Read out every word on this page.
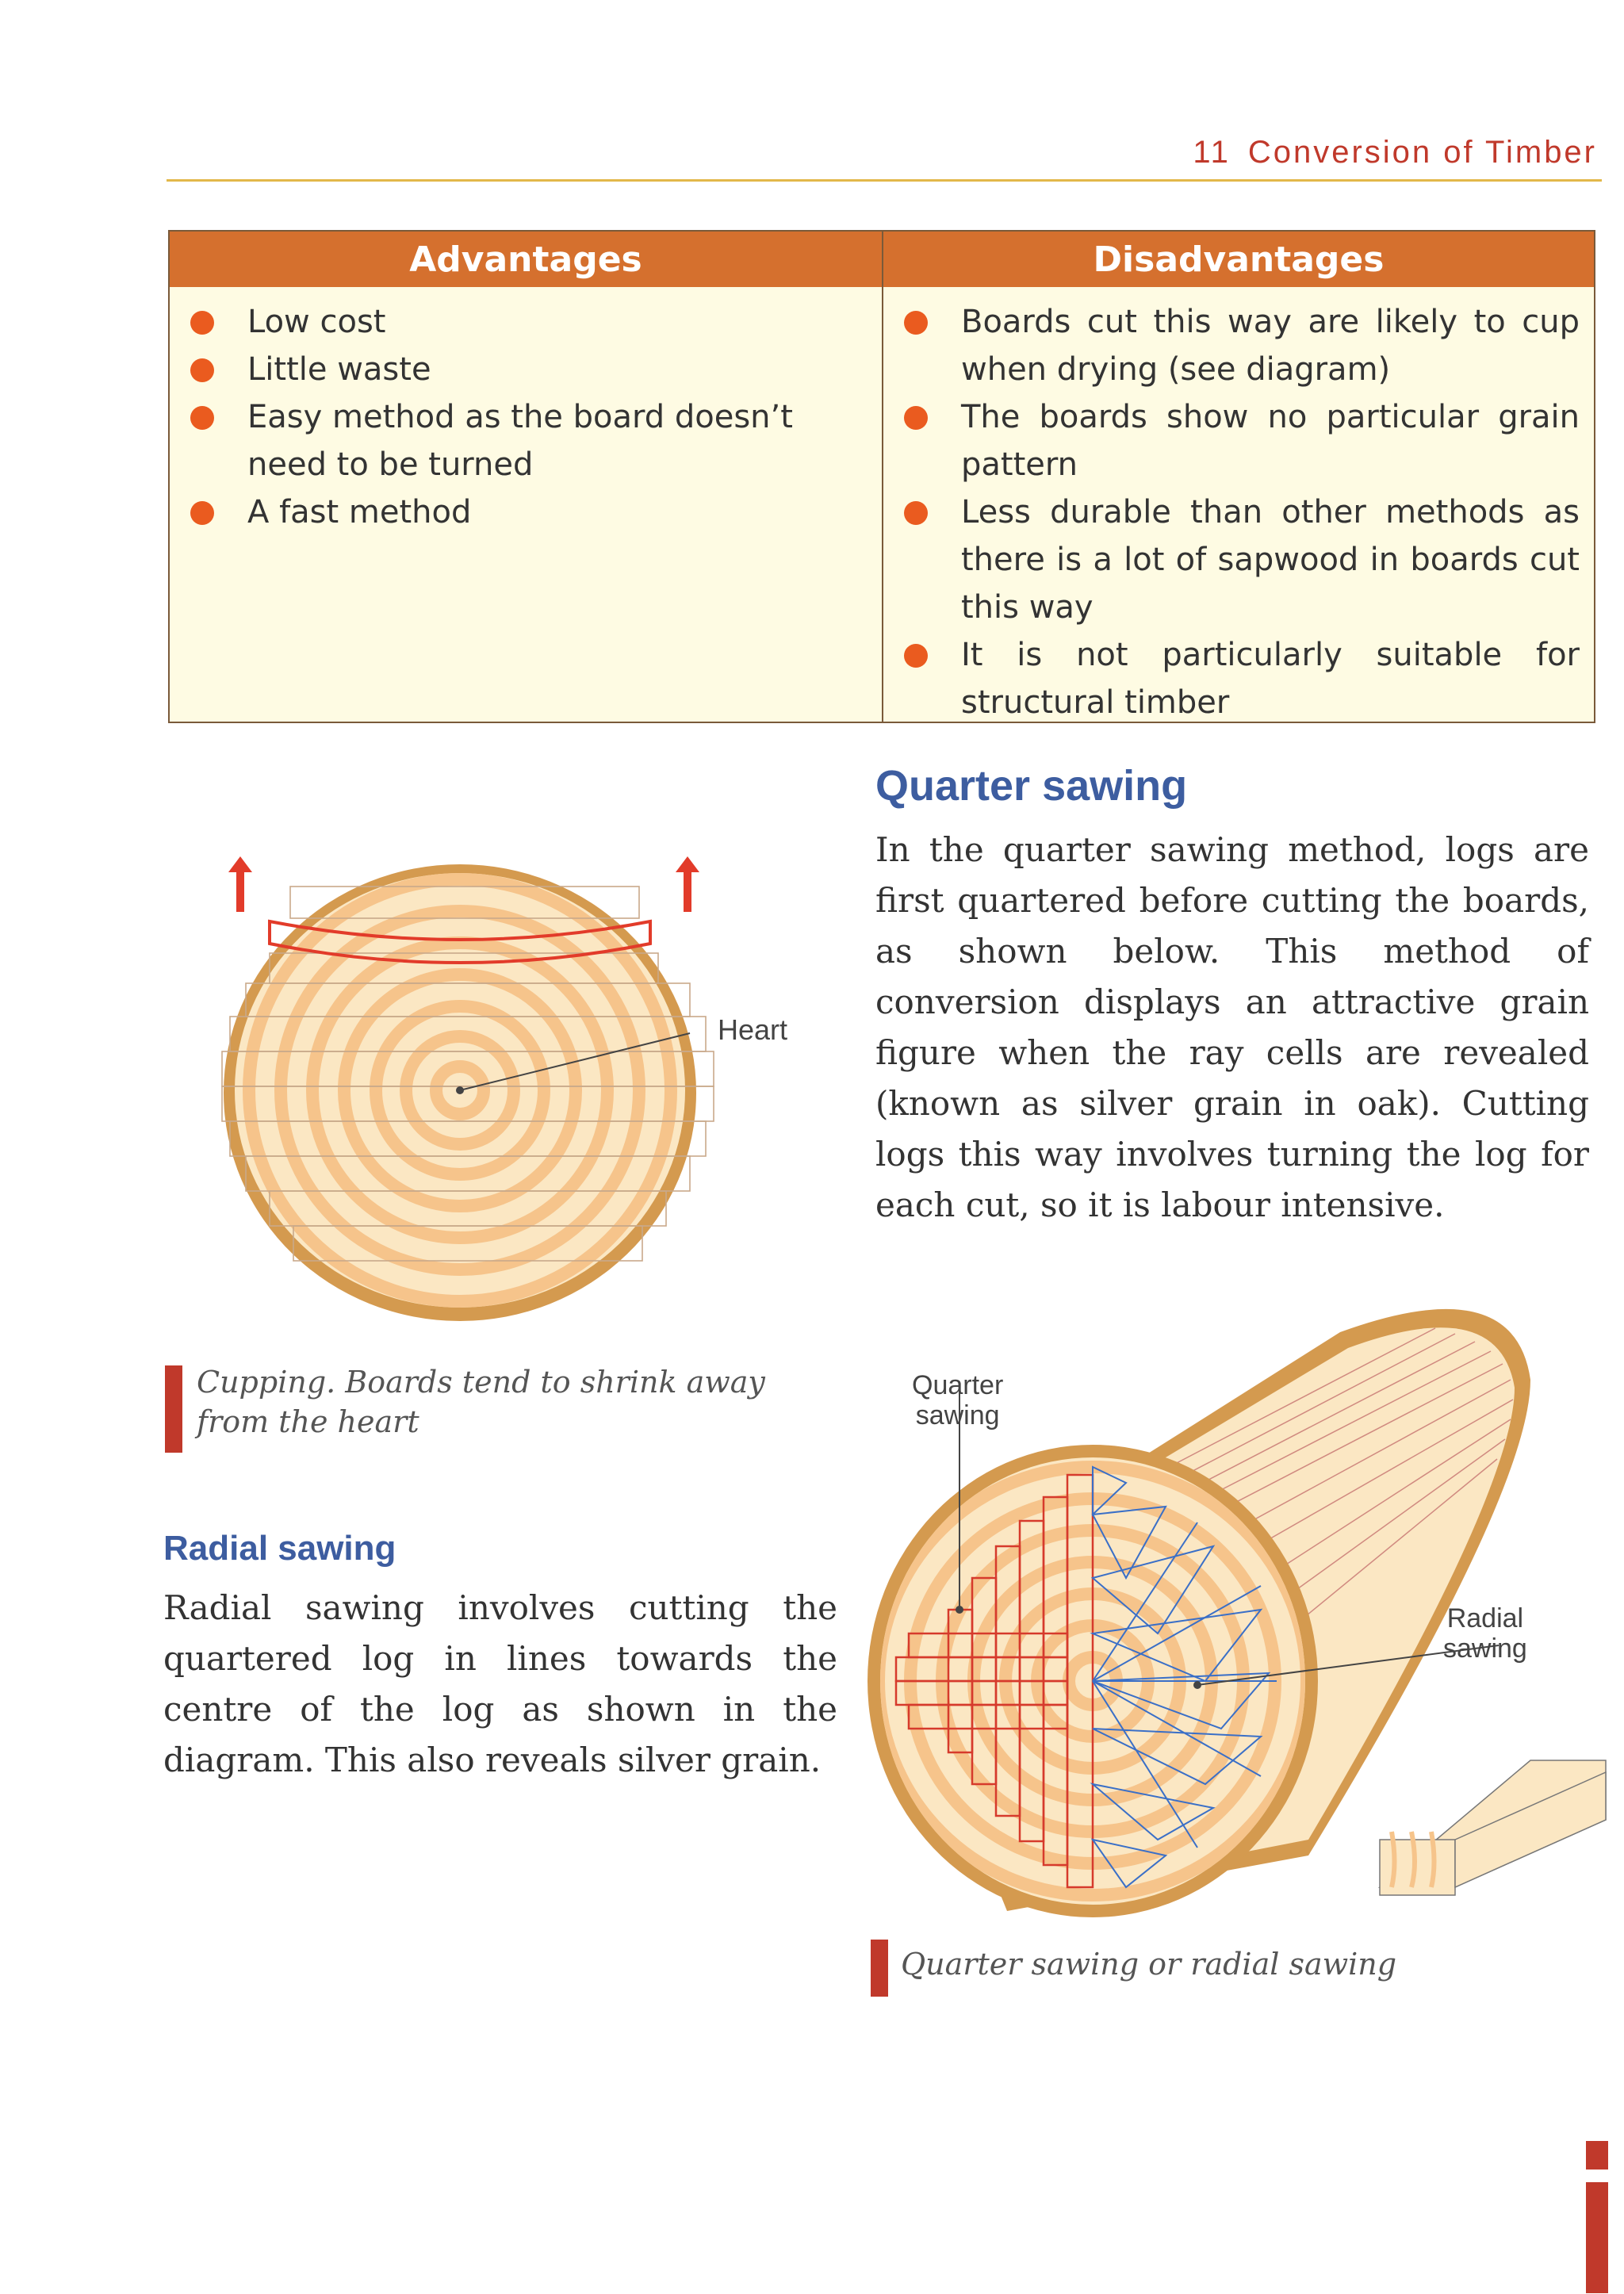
11 Conversion of Timber
Advantages
Low cost
Little waste
Easy method as the board doesn’t need to be turned
A fast method
Disadvantages
Boards cut this way are likely to cup when drying (see diagram)
The boards show no particular grain pattern
Less durable than other methods as there is a lot of sapwood in boards cut this way
It is not particularly suitable for structural timber
Heart
Cupping. Boards tend to shrink away from the heart
Quarter sawing
In the quarter sawing method, logs are first quartered before cutting the boards, as shown below. This method of conversion displays an attractive grain figure when the ray cells are revealed (known as silver grain in oak). Cutting logs this way involves turning the log for each cut, so it is labour intensive.
Radial sawing
Radial sawing involves cutting the quartered log in lines towards the centre of the log as shown in the diagram. This also reveals silver grain.
Quarter
sawing
Radial
sawing
Quarter sawing or radial sawing
